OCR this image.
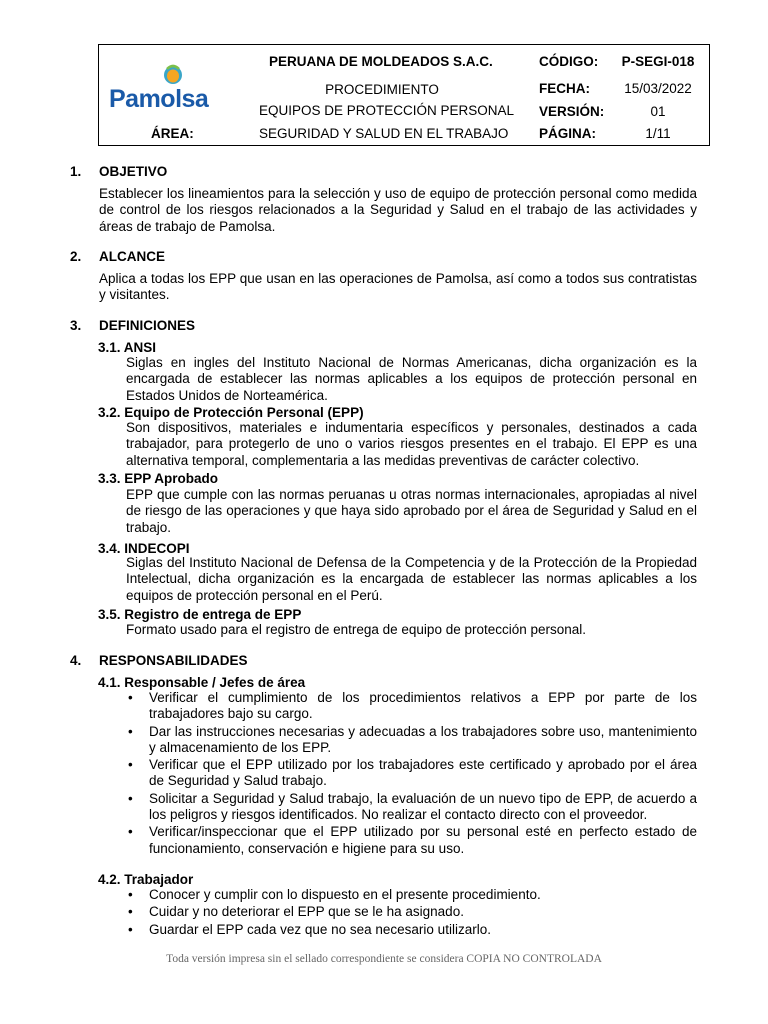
Pamolsa
PERUANA DE MOLDEADOS S.A.C.
PROCEDIMIENTO
EQUIPOS DE PROTECCIÓN PERSONAL
ÁREA:	SEGURIDAD Y SALUD EN EL TRABAJO
CÓDIGO:	P-SEGI-018
FECHA:	15/03/2022
VERSIÓN:	01
PÁGINA:	1/11
1. OBJETIVO
Establecer los lineamientos para la selección y uso de equipo de protección personal como medida de control de los riesgos relacionados a la Seguridad y Salud en el trabajo de las actividades y áreas de trabajo de Pamolsa.
2. ALCANCE
Aplica a todas los EPP que usan en las operaciones de Pamolsa, así como a todos sus contratistas y visitantes.
3. DEFINICIONES
3.1. ANSI
Siglas en ingles del Instituto Nacional de Normas Americanas, dicha organización es la encargada de establecer las normas aplicables a los equipos de protección personal en Estados Unidos de Norteamérica.
3.2. Equipo de Protección Personal (EPP)
Son dispositivos, materiales e indumentaria específicos y personales, destinados a cada trabajador, para protegerlo de uno o varios riesgos presentes en el trabajo. El EPP es una alternativa temporal, complementaria a las medidas preventivas de carácter colectivo.
3.3. EPP Aprobado
EPP que cumple con las normas peruanas u otras normas internacionales, apropiadas al nivel de riesgo de las operaciones y que haya sido aprobado por el área de Seguridad y Salud en el trabajo.
3.4. INDECOPI
Siglas del Instituto Nacional de Defensa de la Competencia y de la Protección de la Propiedad Intelectual, dicha organización es la encargada de establecer las normas aplicables a los equipos de protección personal en el Perú.
3.5. Registro de entrega de EPP
Formato usado para el registro de entrega de equipo de protección personal.
4. RESPONSABILIDADES
4.1. Responsable / Jefes de área
• Verificar el cumplimiento de los procedimientos relativos a EPP por parte de los trabajadores bajo su cargo.
• Dar las instrucciones necesarias y adecuadas a los trabajadores sobre uso, mantenimiento y almacenamiento de los EPP.
• Verificar que el EPP utilizado por los trabajadores este certificado y aprobado por el área de Seguridad y Salud trabajo.
• Solicitar a Seguridad y Salud trabajo, la evaluación de un nuevo tipo de EPP, de acuerdo a los peligros y riesgos identificados. No realizar el contacto directo con el proveedor.
• Verificar/inspeccionar que el EPP utilizado por su personal esté en perfecto estado de funcionamiento, conservación e higiene para su uso.
4.2. Trabajador
• Conocer y cumplir con lo dispuesto en el presente procedimiento.
• Cuidar y no deteriorar el EPP que se le ha asignado.
• Guardar el EPP cada vez que no sea necesario utilizarlo.
Toda versión impresa sin el sellado correspondiente se considera COPIA NO CONTROLADA
